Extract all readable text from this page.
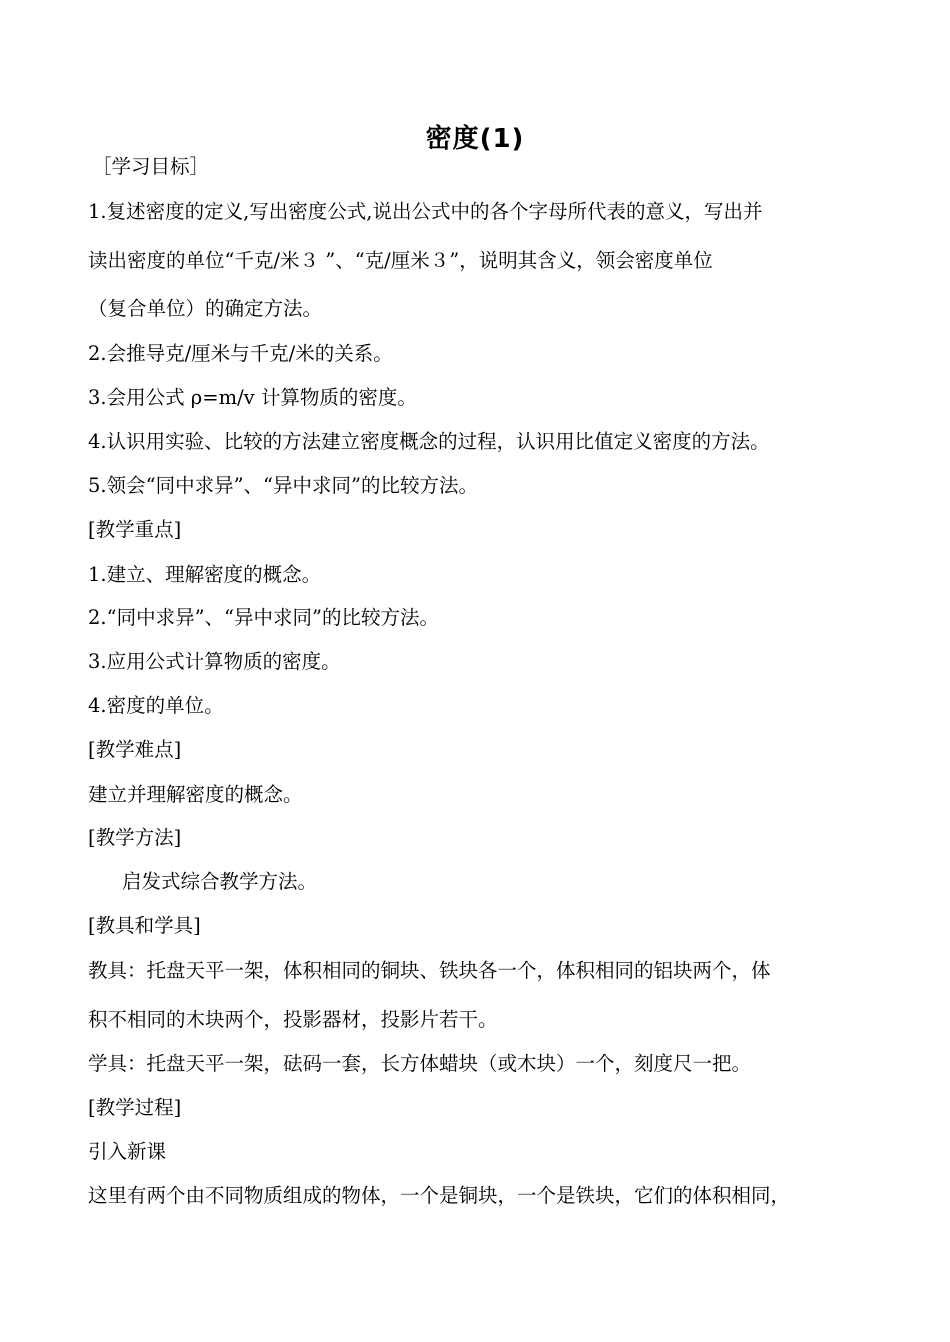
密度(1)
［学习目标］
1.复述密度的定义,写出密度公式,说出公式中的各个字母所代表的意义，写出并
读出密度的单位“千克/米３ ”、“克/厘米３”，说明其含义，领会密度单位
（复合单位）的确定方法。
2.会推导克/厘米与千克/米的关系。
3.会用公式 ρ=m/v 计算物质的密度。
4.认识用实验、比较的方法建立密度概念的过程，认识用比值定义密度的方法。
5.领会“同中求异”、“异中求同”的比较方法。
[教学重点]
1.建立、理解密度的概念。
2.“同中求异”、“异中求同”的比较方法。
3.应用公式计算物质的密度。
4.密度的单位。
[教学难点]
建立并理解密度的概念。
[教学方法]
启发式综合教学方法。
[教具和学具]
教具：托盘天平一架，体积相同的铜块、铁块各一个，体积相同的铝块两个，体
积不相同的木块两个，投影器材，投影片若干。
学具：托盘天平一架，砝码一套，长方体蜡块（或木块）一个，刻度尺一把。
[教学过程]
引入新课
这里有两个由不同物质组成的物体，一个是铜块，一个是铁块，它们的体积相同，
